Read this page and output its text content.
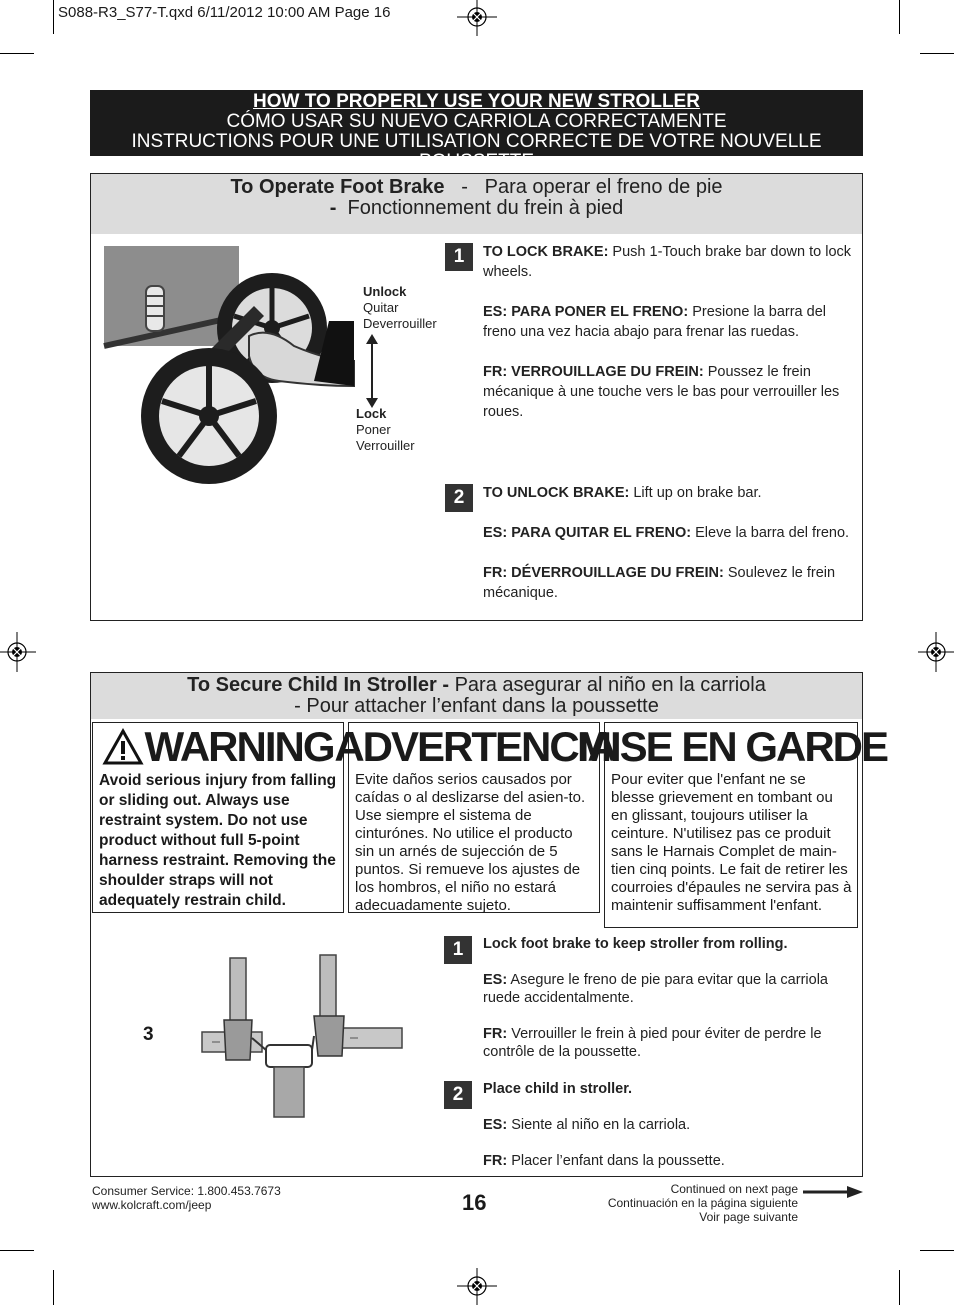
S088-R3_S77-T.qxd 6/11/2012 10:00 AM Page 16
HOW TO PROPERLY USE YOUR NEW STROLLER
CÓMO USAR SU NUEVO CARRIOLA CORRECTAMENTE
INSTRUCTIONS POUR UNE UTILISATION CORRECTE DE VOTRE NOUVELLE POUSSETTE
To Operate Foot Brake - Para operar el freno de pie
- Fonctionnement du frein à pied
Unlock
Quitar
Deverrouiller
Lock
Poner
Verrouiller
1	TO LOCK BRAKE: Push 1-Touch brake bar down to lock wheels.

ES: PARA PONER EL FRENO: Presione la barra del freno una vez hacia abajo para frenar las ruedas.

FR: VERROUILLAGE DU FREIN: Poussez le frein mécanique à une touche vers le bas pour verrouiller les roues.

2	TO UNLOCK BRAKE: Lift up on brake bar.

ES: PARA QUITAR EL FRENO: Eleve la barra del freno.

FR: DÉVERROUILLAGE DU FREIN: Soulevez le frein mécanique.

To Secure Child In Stroller - Para asegurar al niño en la carriola
- Pour attacher l’enfant dans la poussette
WARNING
Avoid serious injury from falling or sliding out. Always use restraint system. Do not use product without full 5-point harness restraint. Removing the shoulder straps will not adequately restrain child.
ADVERTENCIA
Evite daños serios causados por caídas o al deslizarse del asien-to. Use siempre el sistema de cinturónes. No utilice el producto sin un arnés de sujección de 5 puntos. Si remueve los ajustes de los hombros, el niño no estará adecuadamente sujeto.
MISE EN GARDE
Pour eviter que l'enfant ne se blesse grievement en tombant ou en glissant, toujours utiliser la ceinture. N'utilisez pas ce produit sans le Harnais Complet de main-tien cinq points. Le fait de retirer les courroies d'épaules ne servira pas à maintenir suffisamment l'enfant.
3
1	Lock foot brake to keep stroller from rolling.

ES: Asegure le freno de pie para evitar que la carriola ruede accidentalmente.

FR: Verrouiller le frein à pied pour éviter de perdre le contrôle de la poussette.

2	Place child in stroller.

ES: Siente al niño en la carriola.

FR: Placer l’enfant dans la poussette.

Consumer Service: 1.800.453.7673
www.kolcraft.com/jeep	16
Continued on next page
Continuación en la página siguiente
Voir page suivante
